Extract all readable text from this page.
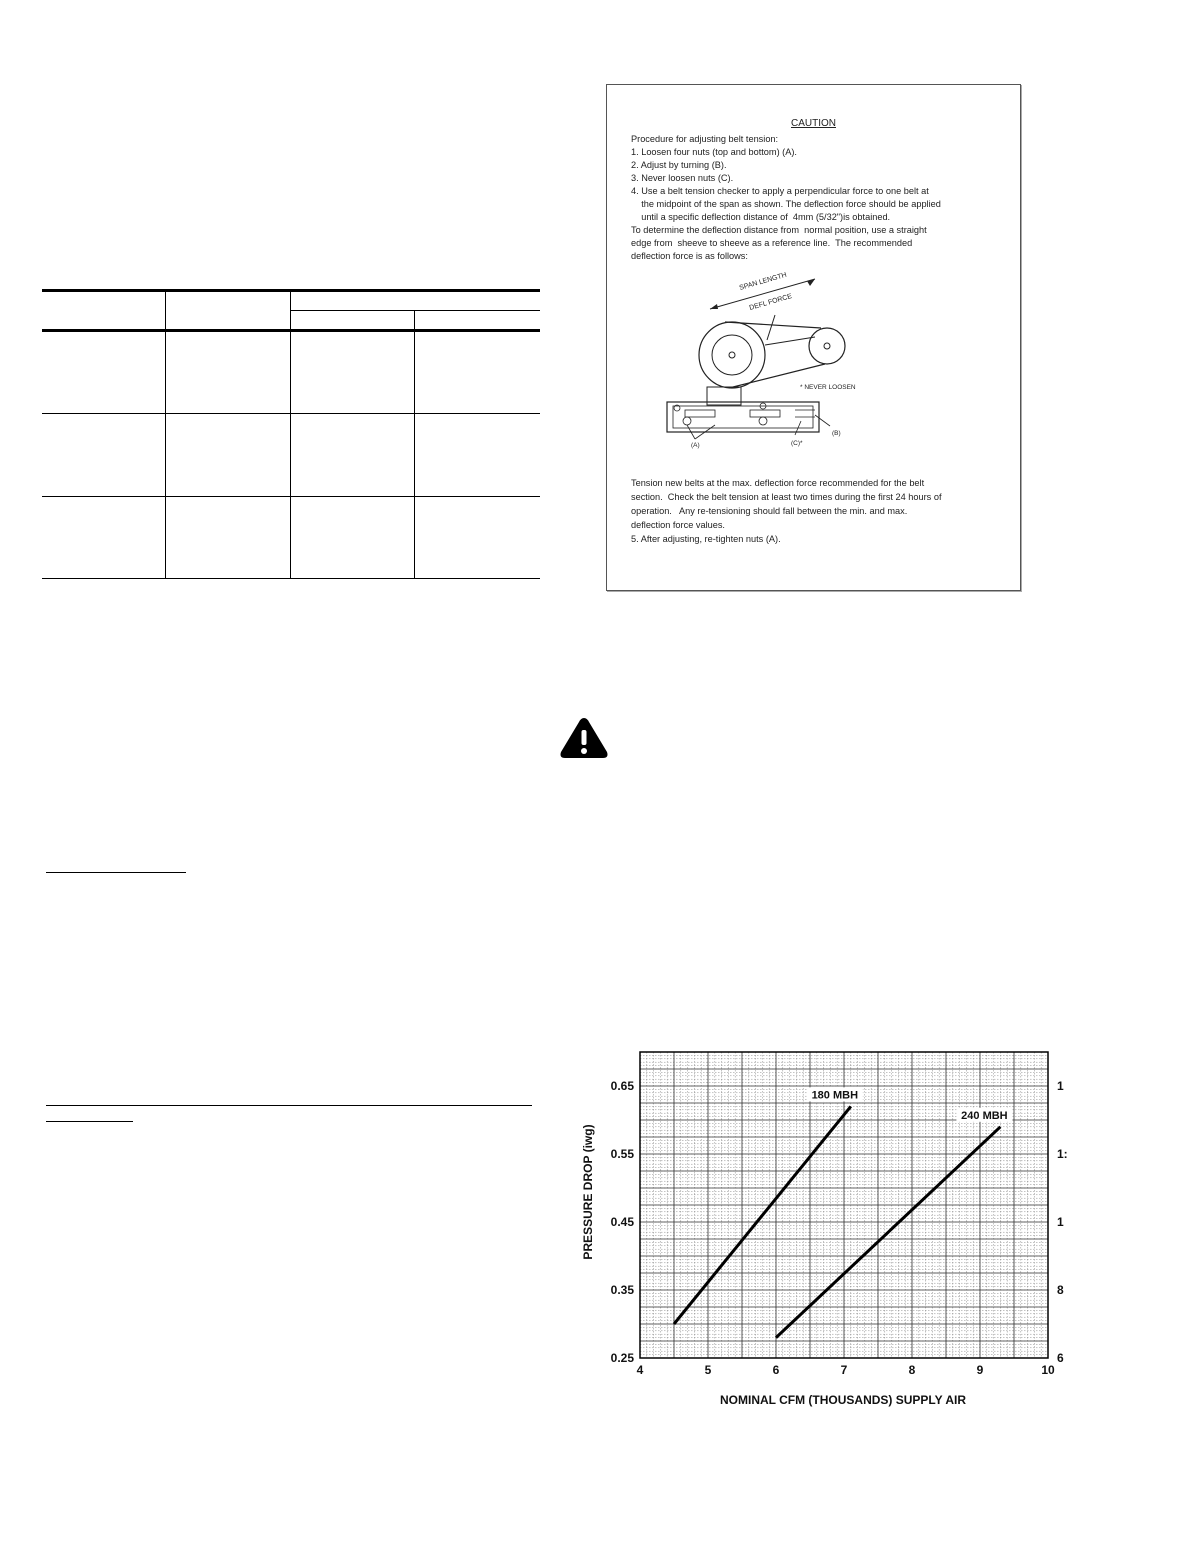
CAUTION
Procedure for adjusting belt tension:
1. Loosen four nuts (top and bottom) (A).
2. Adjust by turning (B).
3. Never loosen nuts (C).
4. Use a belt tension checker to apply a perpendicular force to one belt at
the midpoint of the span as shown. The deflection force should be applied
until a specific deflection distance of  4mm (5/32")is obtained.
To determine the deflection distance from  normal position, use a straight
edge from  sheeve to sheeve as a reference line.  The recommended
deflection force is as follows:
SPAN LENGTH
DEFL FORCE
* NEVER LOOSEN
(B)
(A)	(C)*
Tension new belts at the max. deflection force recommended for the belt
section.  Check the belt tension at least two times during the first 24 hours of
operation.   Any re-tensioning should fall between the min. and max.
deflection force values.
5. After adjusting, re-tighten nuts (A).
180 MBH
240 MBH
4	5	6	7	8	9	10
0.25
0.35
0.45
0.55
0.65
6
8
1
1:
1
PRESSURE DROP (iwg)
NOMINAL CFM (THOUSANDS) SUPPLY AIR
